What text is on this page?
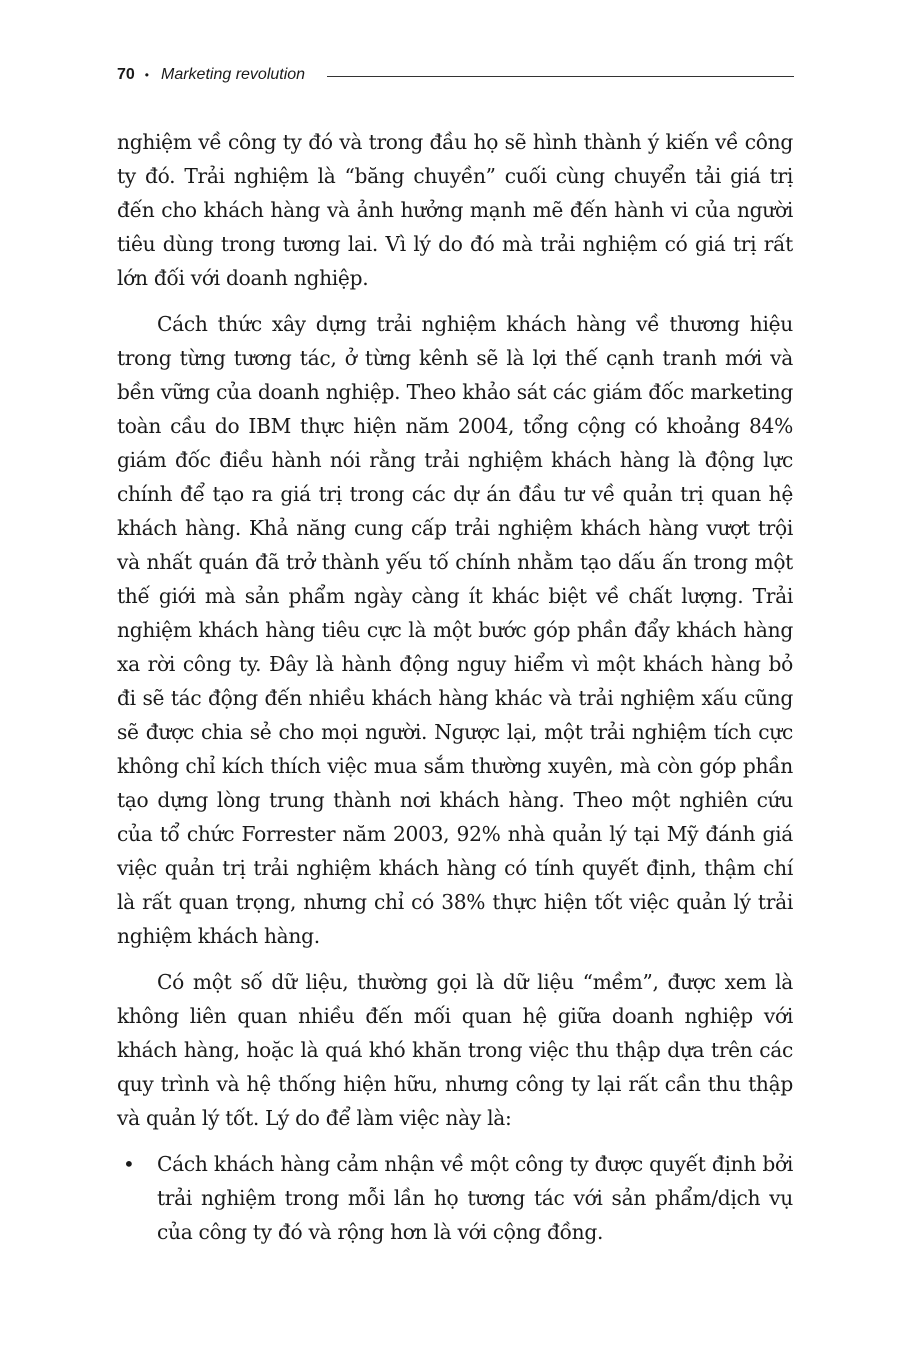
70 • Marketing revolution

nghiệm về công ty đó và trong đầu họ sẽ hình thành ý kiến về công ty đó. Trải nghiệm là “băng chuyền” cuối cùng chuyển tải giá trị đến cho khách hàng và ảnh hưởng mạnh mẽ đến hành vi của người tiêu dùng trong tương lai. Vì lý do đó mà trải nghiệm có giá trị rất lớn đối với doanh nghiệp.

Cách thức xây dựng trải nghiệm khách hàng về thương hiệu trong từng tương tác, ở từng kênh sẽ là lợi thế cạnh tranh mới và bền vững của doanh nghiệp. Theo khảo sát các giám đốc marketing toàn cầu do IBM thực hiện năm 2004, tổng cộng có khoảng 84% giám đốc điều hành nói rằng trải nghiệm khách hàng là động lực chính để tạo ra giá trị trong các dự án đầu tư về quản trị quan hệ khách hàng. Khả năng cung cấp trải nghiệm khách hàng vượt trội và nhất quán đã trở thành yếu tố chính nhằm tạo dấu ấn trong một thế giới mà sản phẩm ngày càng ít khác biệt về chất lượng. Trải nghiệm khách hàng tiêu cực là một bước góp phần đẩy khách hàng xa rời công ty. Đây là hành động nguy hiểm vì một khách hàng bỏ đi sẽ tác động đến nhiều khách hàng khác và trải nghiệm xấu cũng sẽ được chia sẻ cho mọi người. Ngược lại, một trải nghiệm tích cực không chỉ kích thích việc mua sắm thường xuyên, mà còn góp phần tạo dựng lòng trung thành nơi khách hàng. Theo một nghiên cứu của tổ chức Forrester năm 2003, 92% nhà quản lý tại Mỹ đánh giá việc quản trị trải nghiệm khách hàng có tính quyết định, thậm chí là rất quan trọng, nhưng chỉ có 38% thực hiện tốt việc quản lý trải nghiệm khách hàng.

Có một số dữ liệu, thường gọi là dữ liệu “mềm”, được xem là không liên quan nhiều đến mối quan hệ giữa doanh nghiệp với khách hàng, hoặc là quá khó khăn trong việc thu thập dựa trên các quy trình và hệ thống hiện hữu, nhưng công ty lại rất cần thu thập và quản lý tốt. Lý do để làm việc này là:

• Cách khách hàng cảm nhận về một công ty được quyết định bởi trải nghiệm trong mỗi lần họ tương tác với sản phẩm/dịch vụ của công ty đó và rộng hơn là với cộng đồng.
